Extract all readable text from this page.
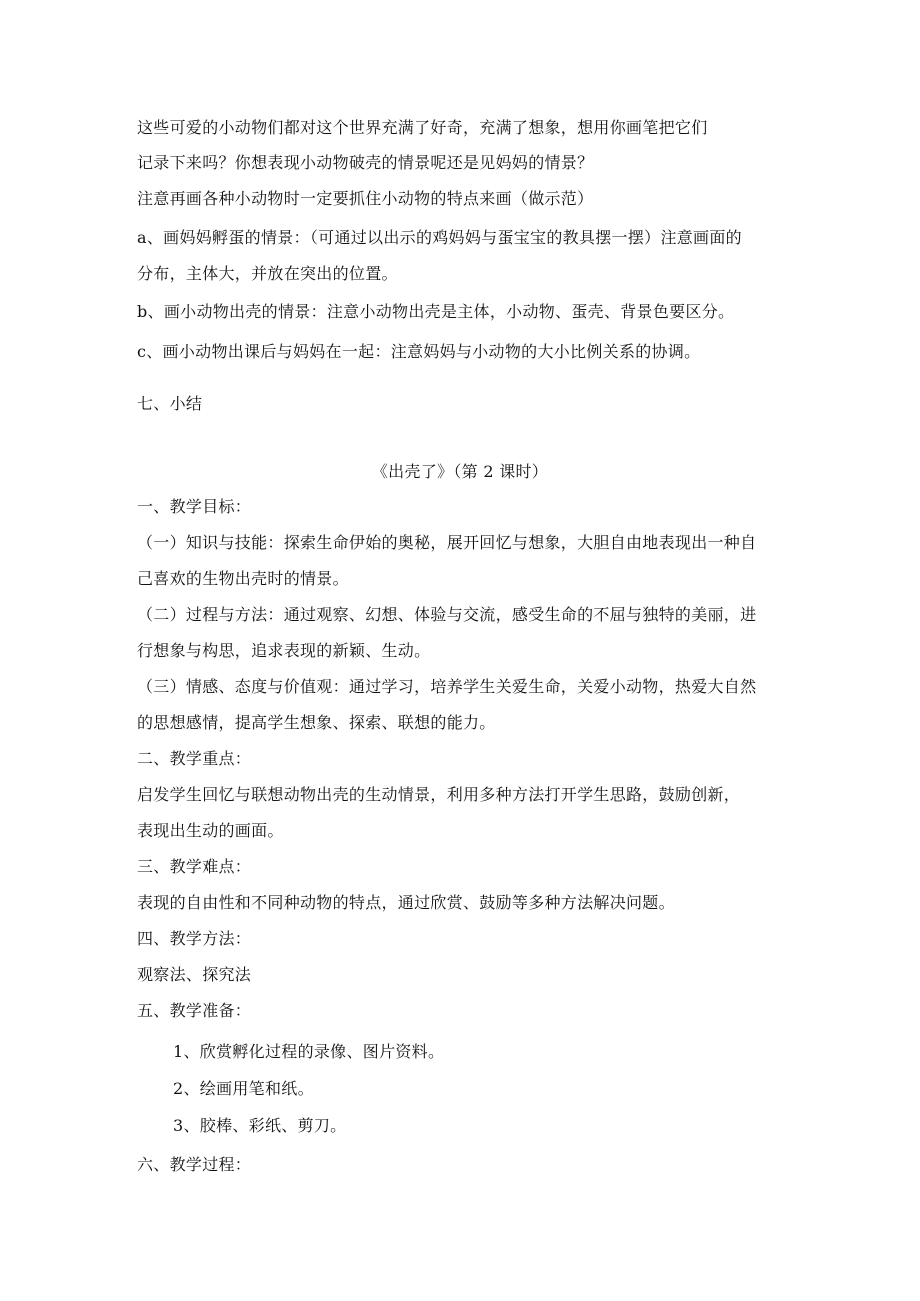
这些可爱的小动物们都对这个世界充满了好奇，充满了想象，想用你画笔把它们
记录下来吗？你想表现小动物破壳的情景呢还是见妈妈的情景？
注意再画各种小动物时一定要抓住小动物的特点来画（做示范）
a、画妈妈孵蛋的情景：（可通过以出示的鸡妈妈与蛋宝宝的教具摆一摆）注意画面的
分布，主体大，并放在突出的位置。
b、画小动物出壳的情景：注意小动物出壳是主体，小动物、蛋壳、背景色要区分。
c、画小动物出课后与妈妈在一起：注意妈妈与小动物的大小比例关系的协调。
七、小结
《出壳了》（第 2 课时）
一、教学目标：
（一）知识与技能：探索生命伊始的奥秘，展开回忆与想象，大胆自由地表现出一种自
己喜欢的生物出壳时的情景。
（二）过程与方法：通过观察、幻想、体验与交流，感受生命的不屈与独特的美丽，进
行想象与构思，追求表现的新颖、生动。
（三）情感、态度与价值观：通过学习，培养学生关爱生命，关爱小动物，热爱大自然
的思想感情，提高学生想象、探索、联想的能力。
二、教学重点：
启发学生回忆与联想动物出壳的生动情景，利用多种方法打开学生思路，鼓励创新，
表现出生动的画面。
三、教学难点：
表现的自由性和不同种动物的特点，通过欣赏、鼓励等多种方法解决问题。
四、教学方法：
观察法、探究法
五、教学准备：
1、欣赏孵化过程的录像、图片资料。
2、绘画用笔和纸。
3、胶棒、彩纸、剪刀。
六、教学过程：
